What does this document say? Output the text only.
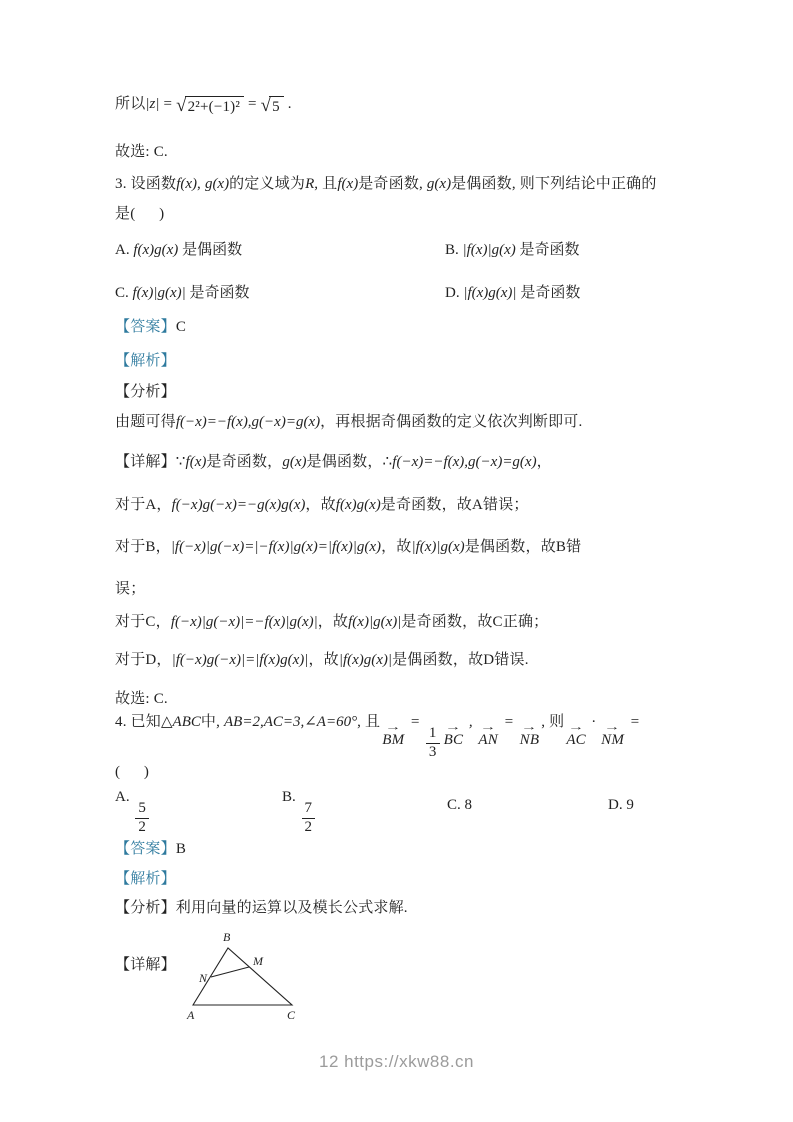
所以|z| = √ 2²+(−1)² = √ 5 .
故选: C.
3. 设函数f(x), g(x)的定义域为R, 且f(x)是奇函数, g(x)是偶函数, 则下列结论中正确的
是(      )
A. f(x)g(x) 是偶函数	B. |f(x)|g(x) 是奇函数
C. f(x)|g(x)| 是奇函数	D. |f(x)g(x)| 是奇函数
【答案】C
【解析】
【分析】
由题可得f(−x)=−f(x),g(−x)=g(x)，再根据奇偶函数的定义依次判断即可.
【详解】∵f(x)是奇函数，g(x)是偶函数，∴f(−x)=−f(x),g(−x)=g(x)，
对于A，f(−x)g(−x)=−g(x)g(x)，故f(x)g(x)是奇函数，故A错误；
对于B，|f(−x)|g(−x)=|−f(x)|g(x)=|f(x)|g(x)，故|f(x)|g(x)是偶函数，故B错
误；
对于C，f(−x)|g(−x)|=−f(x)|g(x)|，故f(x)|g(x)|是奇函数，故C正确；
对于D，|f(−x)g(−x)|=|f(x)g(x)|，故|f(x)g(x)|是偶函数，故D错误.
故选: C.
4. 已知△ABC中, AB=2,AC=3,∠A=60°, 且 →
BM
=
$\frac{1}{3}$ →
BC
, →
AN
= →
NB
, 则 →
AC
· →
NM
=
(      )
A.
$\frac{5}{2}$
B.
$\frac{7}{2}$	C. 8	D. 9
【答案】B
【解析】
【分析】利用向量的运算以及模长公式求解.
【详解】
B
M
N
A	C
12 https://xkw88.cn
